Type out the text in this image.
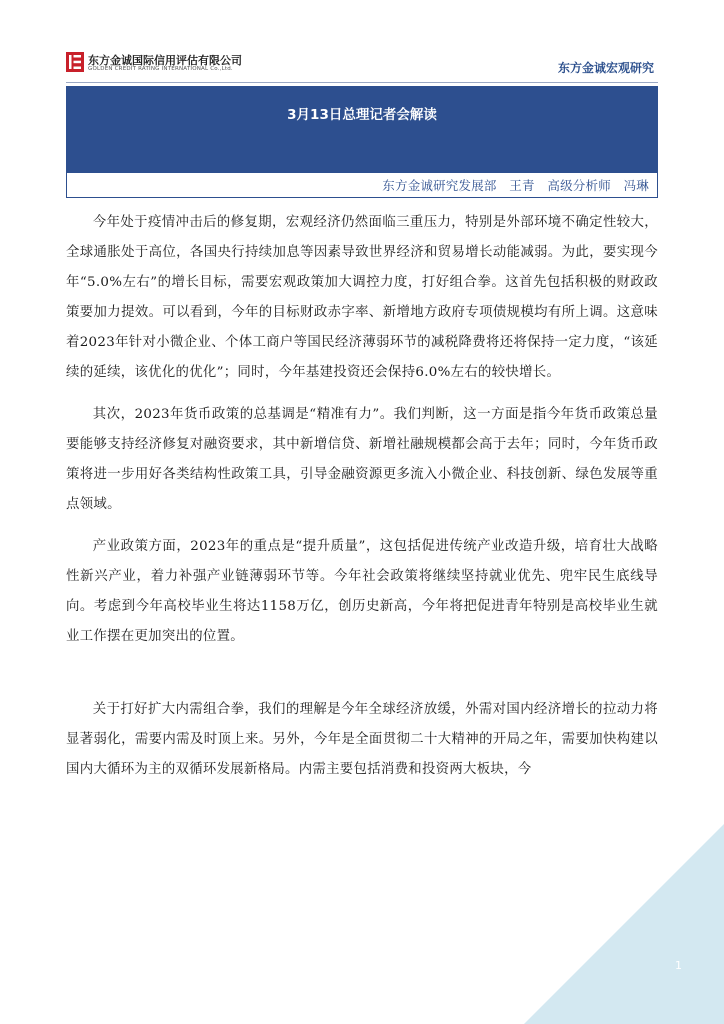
东方金诚国际信用评估有限公司
GOLDEN CREDIT RATING INTERNATIONAL Co.,Ltd.	东方金诚宏观研究
3月13日总理记者会解读
东方金诚研究发展部　王青　高级分析师　冯琳

今年处于疫情冲击后的修复期，宏观经济仍然面临三重压力，特别是外部环境不确定性较大，全球通胀处于高位，各国央行持续加息等因素导致世界经济和贸易增长动能减弱。为此，要实现今年“5.0%左右”的增长目标，需要宏观政策加大调控力度，打好组合拳。这首先包括积极的财政政策要加力提效。可以看到，今年的目标财政赤字率、新增地方政府专项债规模均有所上调。这意味着2023年针对小微企业、个体工商户等国民经济薄弱环节的减税降费将还将保持一定力度，“该延续的延续，该优化的优化”；同时，今年基建投资还会保持6.0%左右的较快增长。

其次，2023年货币政策的总基调是“精准有力”。我们判断，这一方面是指今年货币政策总量要能够支持经济修复对融资要求，其中新增信贷、新增社融规模都会高于去年；同时，今年货币政策将进一步用好各类结构性政策工具，引导金融资源更多流入小微企业、科技创新、绿色发展等重点领域。

产业政策方面，2023年的重点是“提升质量”，这包括促进传统产业改造升级，培育壮大战略性新兴产业，着力补强产业链薄弱环节等。今年社会政策将继续坚持就业优先、兜牢民生底线导向。考虑到今年高校毕业生将达1158万亿，创历史新高，今年将把促进青年特别是高校毕业生就业工作摆在更加突出的位置。

关于打好扩大内需组合拳，我们的理解是今年全球经济放缓，外需对国内经济增长的拉动力将显著弱化，需要内需及时顶上来。另外，今年是全面贯彻二十大精神的开局之年，需要加快构建以国内大循环为主的双循环发展新格局。内需主要包括消费和投资两大板块，今

1
